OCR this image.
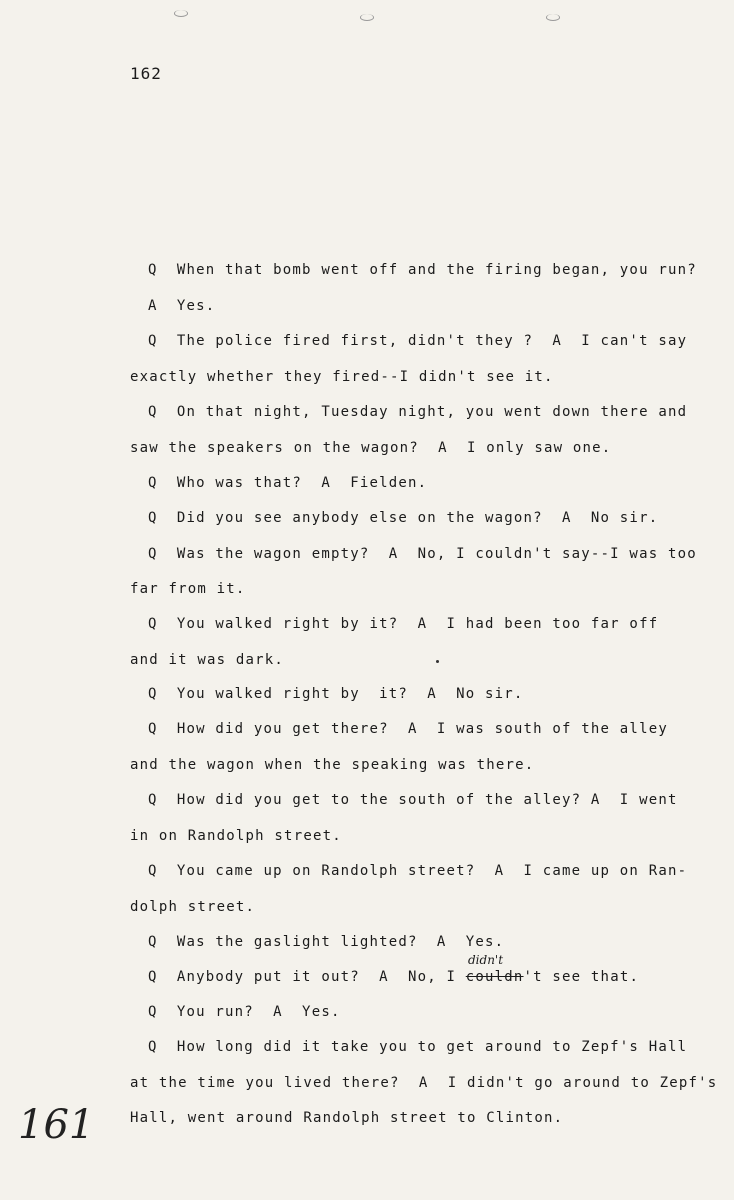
162
Q  When that bomb went off and the firing began, you run?
A  Yes.
Q  The police fired first, didn't they ?  A  I can't say
exactly whether they fired--I didn't see it.
Q  On that night, Tuesday night, you went down there and
saw the speakers on the wagon?  A  I only saw one.
Q  Who was that?  A  Fielden.
Q  Did you see anybody else on the wagon?  A  No sir.
Q  Was the wagon empty?  A  No, I couldn't say--I was too
far from it.
Q  You walked right by it?  A  I had been too far off
and it was dark.
Q  You walked right by  it?  A  No sir.
Q  How did you get there?  A  I was south of the alley
and the wagon when the speaking was there.
Q  How did you get to the south of the alley? A  I went
in on Randolph street.
Q  You came up on Randolph street?  A  I came up on Ran-
dolph street.
Q  Was the gaslight lighted?  A  Yes.
Q  Anybody put it out?  A  No, I couldn't see that.
didn't
Q  You run?  A  Yes.
Q  How long did it take you to get around to Zepf's Hall
at the time you lived there?  A  I didn't go around to Zepf's
Hall, went around Randolph street to Clinton.
161
